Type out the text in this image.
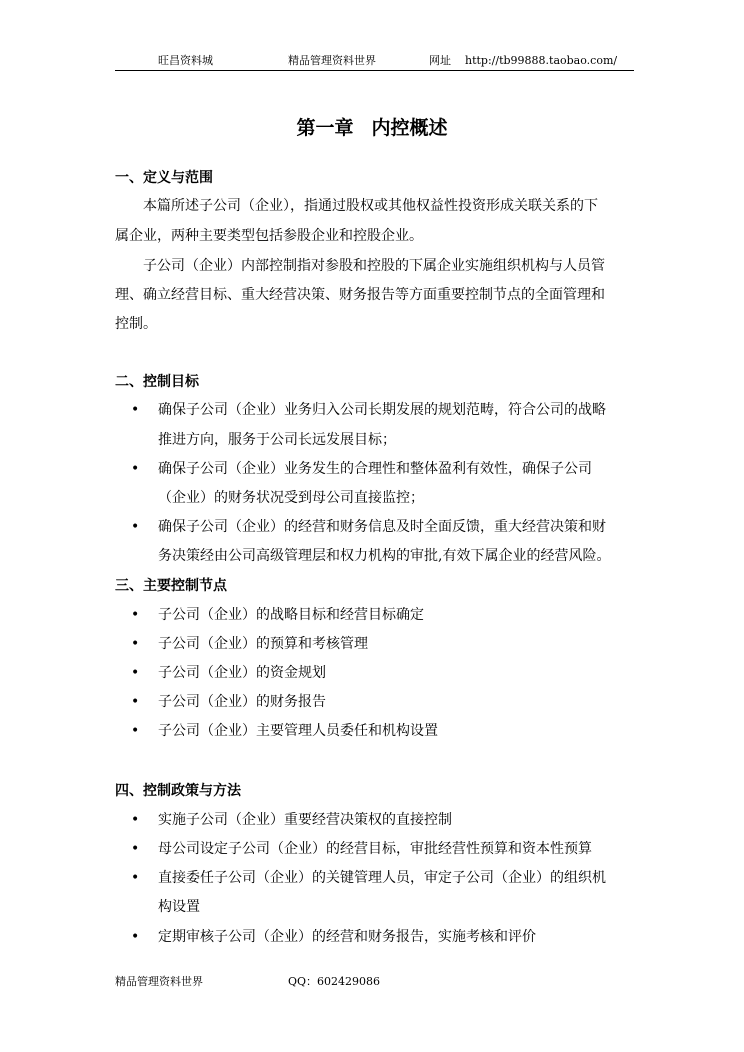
旺昌资料城	精品管理资料世界	网址 http://tb99888.taobao.com/
第一章 内控概述
一、定义与范围
本篇所述子公司（企业），指通过股权或其他权益性投资形成关联关系的下
属企业，两种主要类型包括参股企业和控股企业。
子公司（企业）内部控制指对参股和控股的下属企业实施组织机构与人员管
理、确立经营目标、重大经营决策、财务报告等方面重要控制节点的全面管理和
控制。
二、控制目标
• 确保子公司（企业）业务归入公司长期发展的规划范畴，符合公司的战略
推进方向，服务于公司长远发展目标；
• 确保子公司（企业）业务发生的合理性和整体盈利有效性，确保子公司
（企业）的财务状况受到母公司直接监控；
• 确保子公司（企业）的经营和财务信息及时全面反馈，重大经营决策和财
务决策经由公司高级管理层和权力机构的审批,有效下属企业的经营风险。
三、主要控制节点
• 子公司（企业）的战略目标和经营目标确定
• 子公司（企业）的预算和考核管理
• 子公司（企业）的资金规划
• 子公司（企业）的财务报告
• 子公司（企业）主要管理人员委任和机构设置
四、控制政策与方法
• 实施子公司（企业）重要经营决策权的直接控制
• 母公司设定子公司（企业）的经营目标，审批经营性预算和资本性预算
• 直接委任子公司（企业）的关键管理人员，审定子公司（企业）的组织机
构设置
• 定期审核子公司（企业）的经营和财务报告，实施考核和评价
精品管理资料世界	QQ：602429086
